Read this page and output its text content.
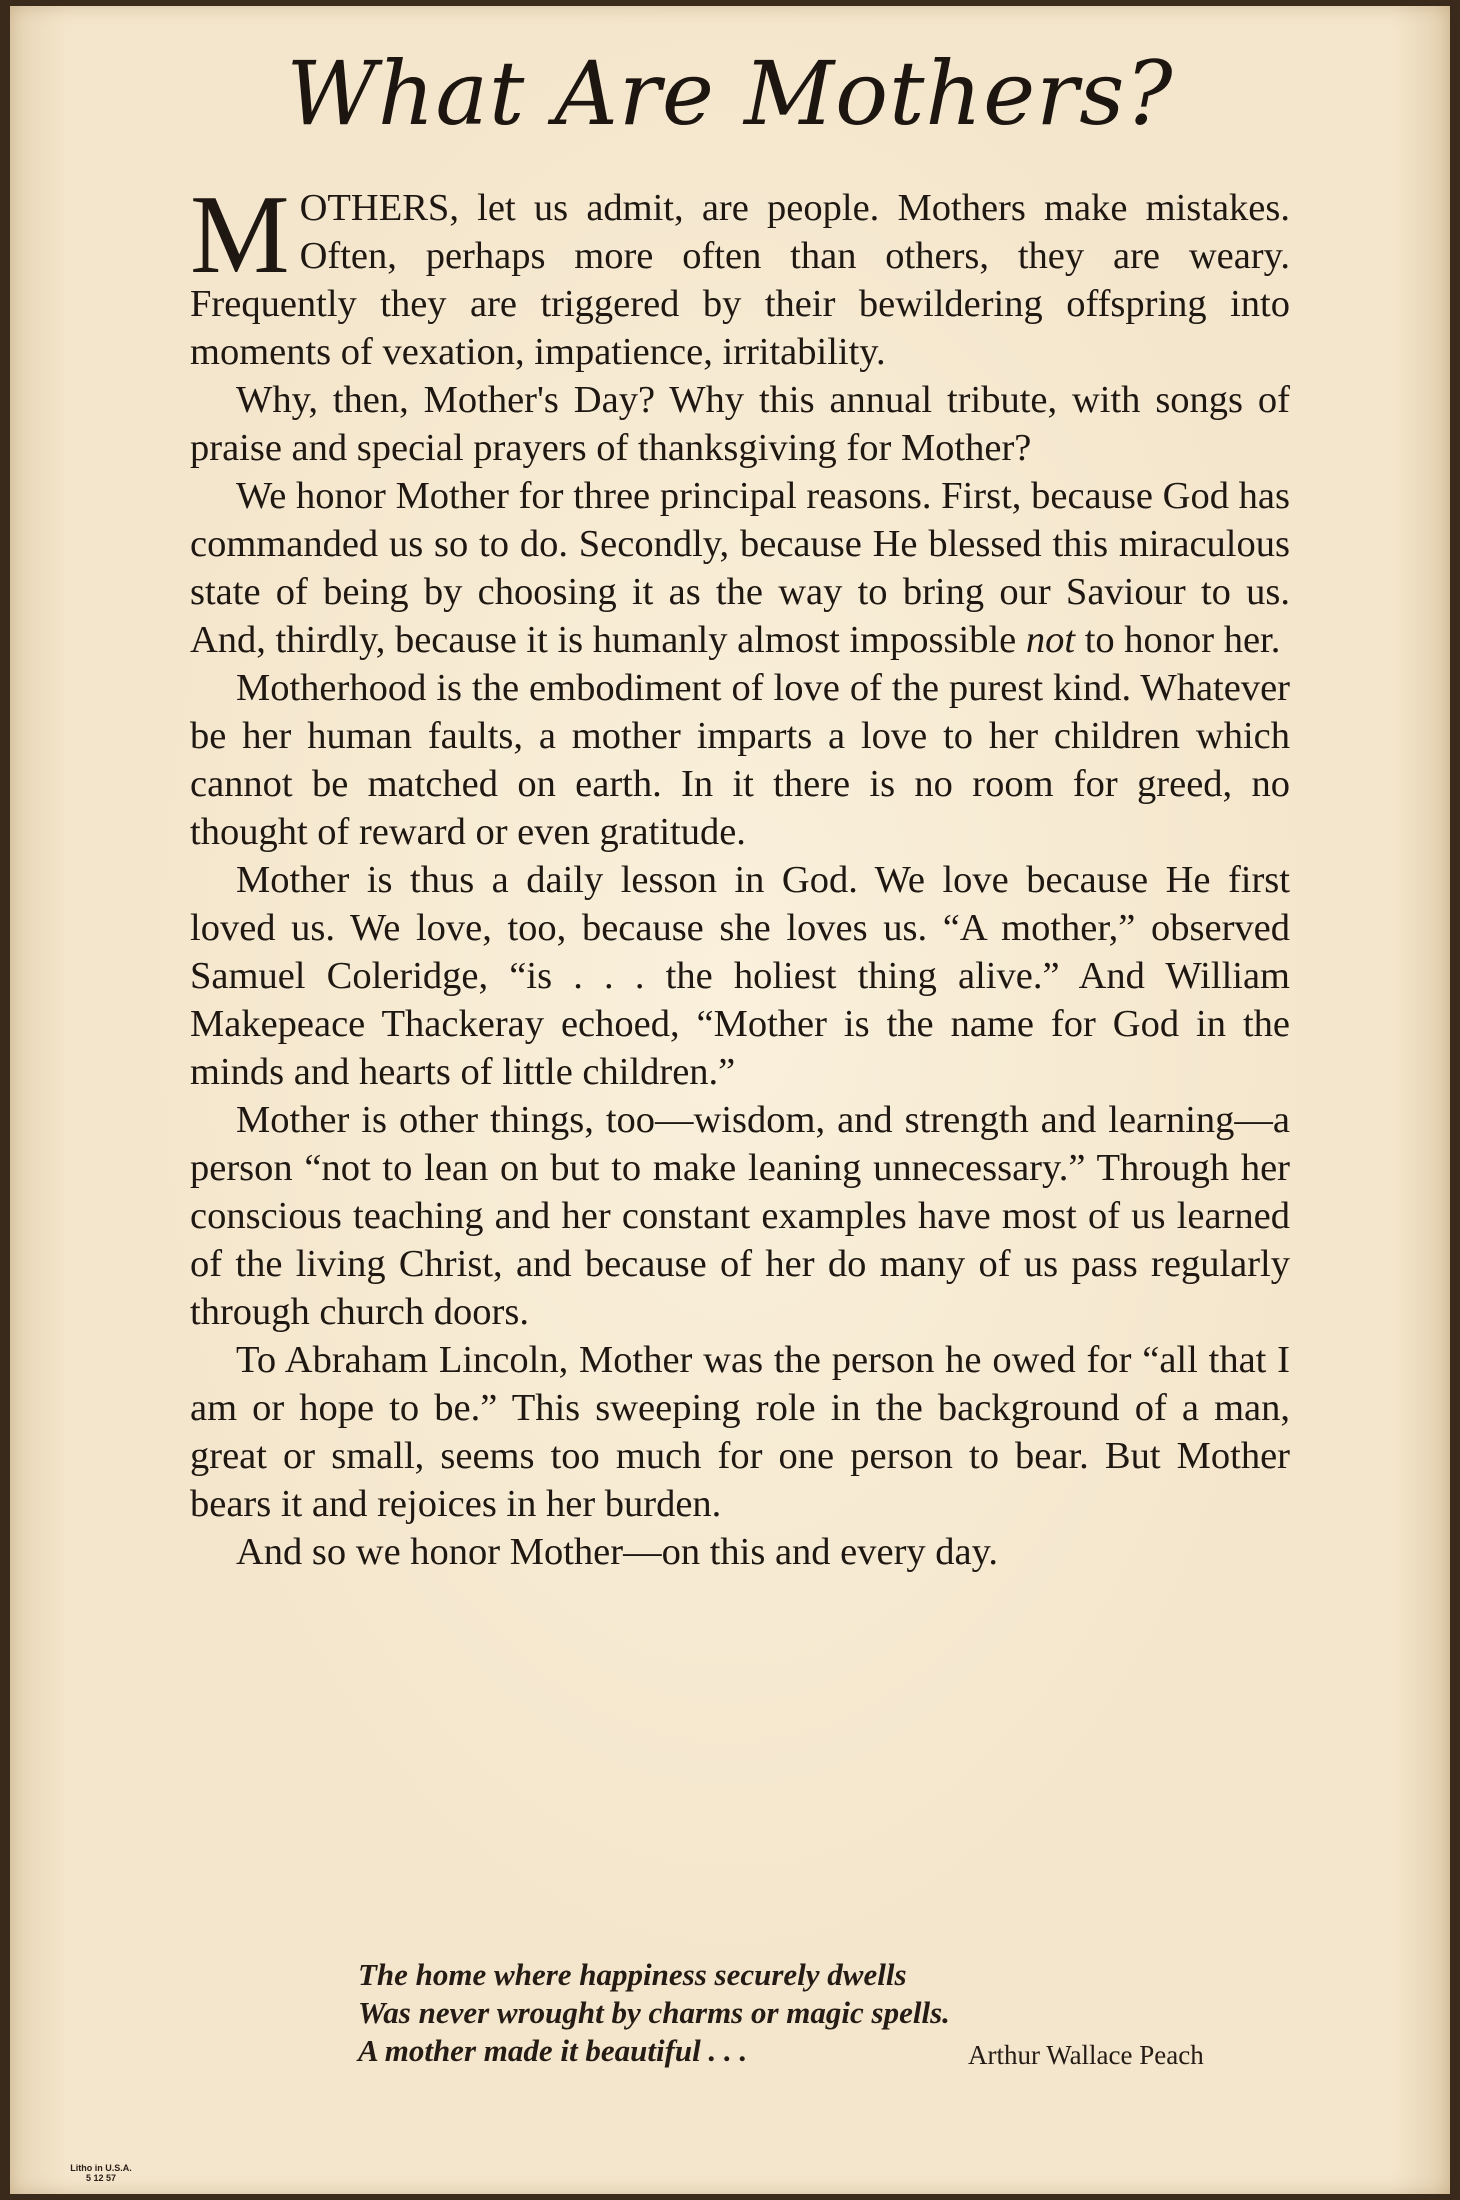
What Are Mothers?

MOTHERS, let us admit, are people. Mothers make mistakes. Often, perhaps more often than others, they are weary. Frequently they are triggered by their bewildering offspring into moments of vexation, impatience, irritability.

Why, then, Mother's Day? Why this annual tribute, with songs of praise and special prayers of thanksgiving for Mother?

We honor Mother for three principal reasons. First, because God has commanded us so to do. Secondly, because He blessed this miraculous state of being by choosing it as the way to bring our Saviour to us. And, thirdly, because it is humanly almost impossible not to honor her.

Motherhood is the embodiment of love of the purest kind. Whatever be her human faults, a mother imparts a love to her children which cannot be matched on earth. In it there is no room for greed, no thought of reward or even gratitude.

Mother is thus a daily lesson in God. We love because He first loved us. We love, too, because she loves us. “A mother,” observed Samuel Coleridge, “is . . . the holiest thing alive.” And William Makepeace Thackeray echoed, “Mother is the name for God in the minds and hearts of little children.”

Mother is other things, too—wisdom, and strength and learning—a person “not to lean on but to make leaning unnecessary.” Through her conscious teaching and her constant examples have most of us learned of the living Christ, and because of her do many of us pass regularly through church doors.

To Abraham Lincoln, Mother was the person he owed for “all that I am or hope to be.” This sweeping role in the background of a man, great or small, seems too much for one person to bear. But Mother bears it and rejoices in her burden.

And so we honor Mother—on this and every day.

The home where happiness securely dwells
Was never wrought by charms or magic spells.
A mother made it beautiful . . .	Arthur Wallace Peach
Litho in U.S.A.
5 12 57
